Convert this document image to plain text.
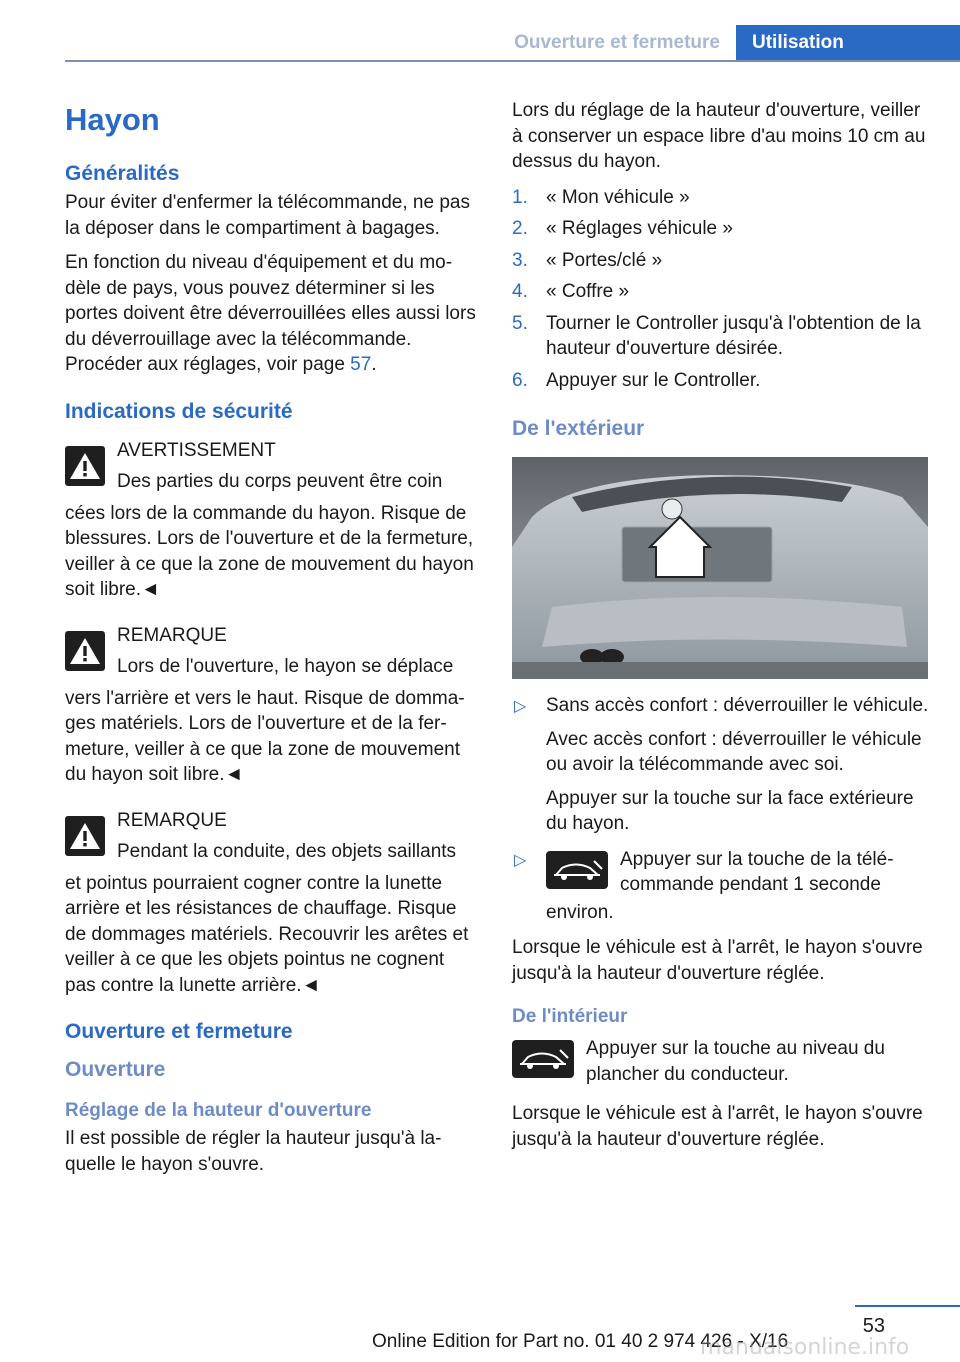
Ouverture et fermeture	Utilisation
Hayon
Généralités

Pour éviter d'enfermer la télécommande, ne pas la déposer dans le compartiment à bagages.

En fonction du niveau d'équipement et du modèle de pays, vous pouvez déterminer si les portes doivent être déverrouillées elles aussi lors du déverrouillage avec la télécommande. Procéder aux réglages, voir page 57.

Indications de sécurité

AVERTISSEMENT

Des parties du corps peuvent être coin

cées lors de la commande du hayon. Risque de blessures. Lors de l'ouverture et de la fermeture, veiller à ce que la zone de mouvement du hayon soit libre.◄

REMARQUE

Lors de l'ouverture, le hayon se déplace

vers l'arrière et vers le haut. Risque de dommages matériels. Lors de l'ouverture et de la fermeture, veiller à ce que la zone de mouvement du hayon soit libre.◄

REMARQUE

Pendant la conduite, des objets saillants

et pointus pourraient cogner contre la lunette arrière et les résistances de chauffage. Risque de dommages matériels. Recouvrir les arêtes et veiller à ce que les objets pointus ne cognent pas contre la lunette arrière.◄

Ouverture et fermeture
Ouverture
Réglage de la hauteur d'ouverture

Il est possible de régler la hauteur jusqu'à laquelle le hayon s'ouvre.

Lors du réglage de la hauteur d'ouverture, veiller à conserver un espace libre d'au moins 10 cm au dessus du hayon.

1. « Mon véhicule »
2. « Réglages véhicule »
3. « Portes/clé »
4. « Coffre »
5. Tourner le Controller jusqu'à l'obtention de la hauteur d'ouverture désirée.
6. Appuyer sur le Controller.
De l'extérieur
▷ Sans accès confort : déverrouiller le véhicule.

Avec accès confort : déverrouiller le véhicule ou avoir la télécommande avec soi.

Appuyer sur la touche sur la face extérieure du hayon.

▷	Appuyer sur la touche de la télécommande pendant 1 seconde

environ.

Lorsque le véhicule est à l'arrêt, le hayon s'ouvre jusqu'à la hauteur d'ouverture réglée.

De l'intérieur
Appuyer sur la touche au niveau du plancher du conducteur.

Lorsque le véhicule est à l'arrêt, le hayon s'ouvre jusqu'à la hauteur d'ouverture réglée.

53
Online Edition for Part no. 01 40 2 974 426 - X/16
manualsonline.info
